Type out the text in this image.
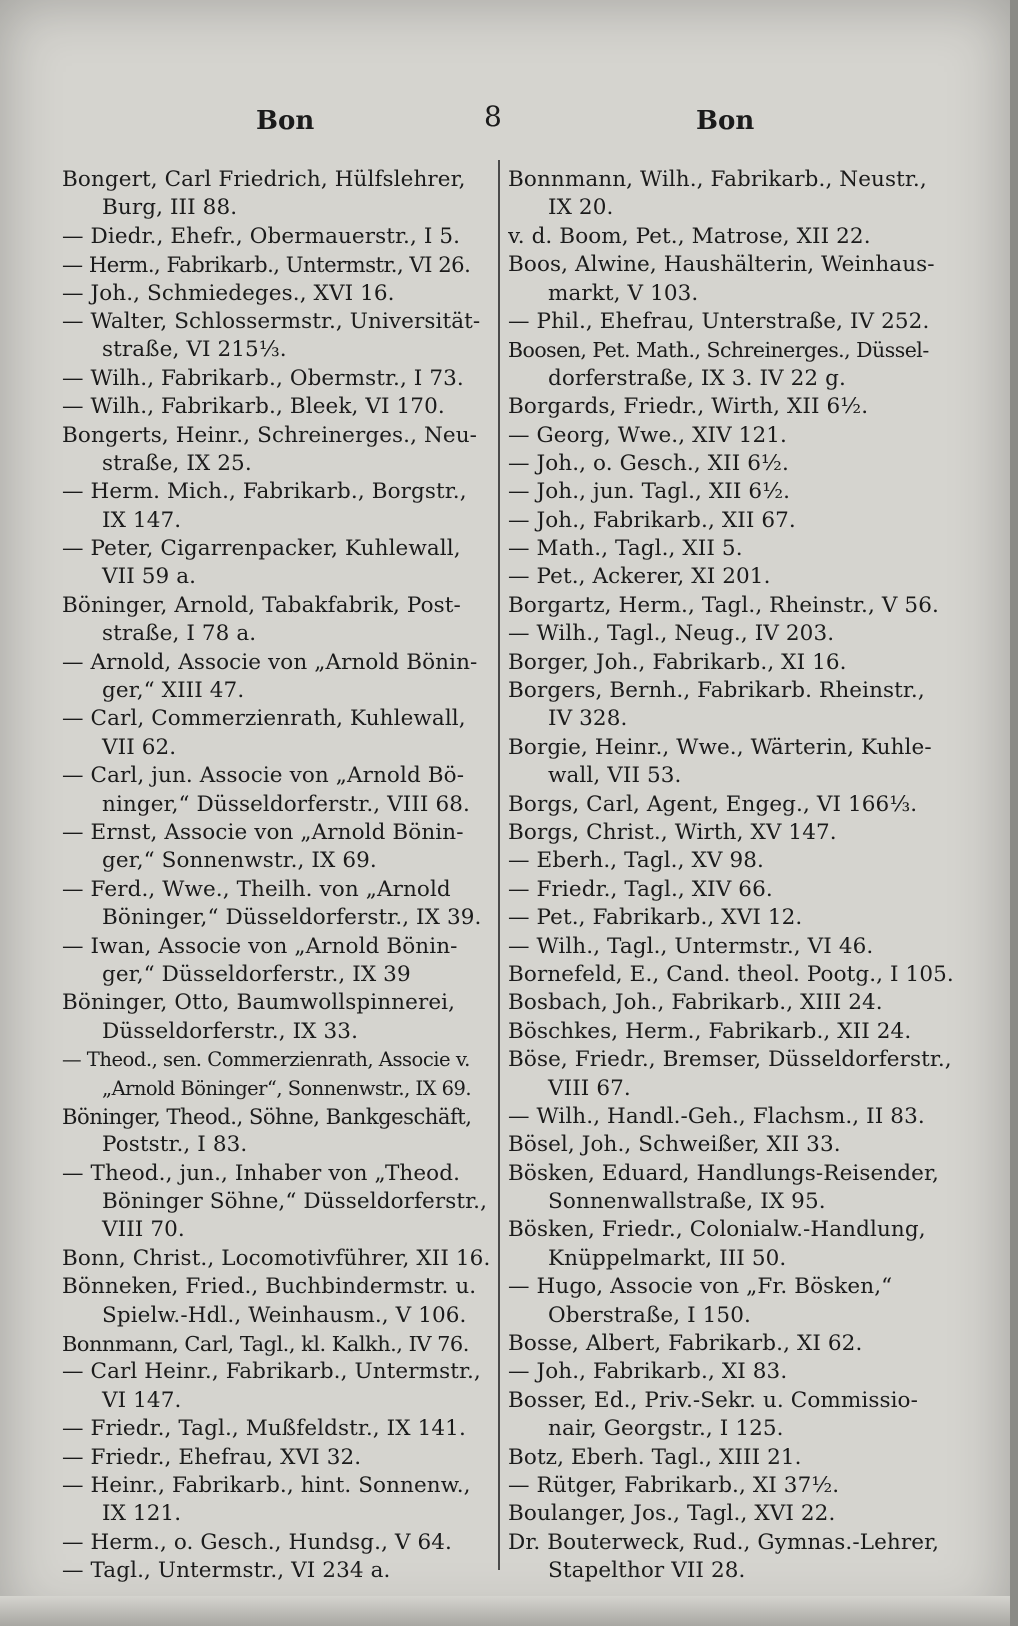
Bon	8	Bon
Bongert, Carl Friedrich, Hülfslehrer,
Burg, III 88.
— Diedr., Ehefr., Obermauerstr., I 5.
— Herm., Fabrikarb., Untermstr., VI 26.
— Joh., Schmiedeges., XVI 16.
— Walter, Schlossermstr., Universität-
straße, VI 215⅓.
— Wilh., Fabrikarb., Obermstr., I 73.
— Wilh., Fabrikarb., Bleek, VI 170.
Bongerts, Heinr., Schreinerges., Neu-
straße, IX 25.
— Herm. Mich., Fabrikarb., Borgstr.,
IX 147.
— Peter, Cigarrenpacker, Kuhlewall,
VII 59 a.
Böninger, Arnold, Tabakfabrik, Post-
straße, I 78 a.
— Arnold, Associe von „Arnold Bönin-
ger,“ XIII 47.
— Carl, Commerzienrath, Kuhlewall,
VII 62.
— Carl, jun. Associe von „Arnold Bö-
ninger,“ Düsseldorferstr., VIII 68.
— Ernst, Associe von „Arnold Bönin-
ger,“ Sonnenwstr., IX 69.
— Ferd., Wwe., Theilh. von „Arnold
Böninger,“ Düsseldorferstr., IX 39.
— Iwan, Associe von „Arnold Bönin-
ger,“ Düsseldorferstr., IX 39
Böninger, Otto, Baumwollspinnerei,
Düsseldorferstr., IX 33.
— Theod., sen. Commerzienrath, Associe v.
„Arnold Böninger“, Sonnenwstr., IX 69.
Böninger, Theod., Söhne, Bankgeschäft,
Poststr., I 83.
— Theod., jun., Inhaber von „Theod.
Böninger Söhne,“ Düsseldorferstr.,
VIII 70.
Bonn, Christ., Locomotivführer, XII 16.
Bönneken, Fried., Buchbindermstr. u.
Spielw.-Hdl., Weinhausm., V 106.
Bonnmann, Carl, Tagl., kl. Kalkh., IV 76.
— Carl Heinr., Fabrikarb., Untermstr.,
VI 147.
— Friedr., Tagl., Mußfeldstr., IX 141.
— Friedr., Ehefrau, XVI 32.
— Heinr., Fabrikarb., hint. Sonnenw.,
IX 121.
— Herm., o. Gesch., Hundsg., V 64.
— Tagl., Untermstr., VI 234 a.
Bonnmann, Wilh., Fabrikarb., Neustr.,
IX 20.
v. d. Boom, Pet., Matrose, XII 22.
Boos, Alwine, Haushälterin, Weinhaus-
markt, V 103.
— Phil., Ehefrau, Unterstraße, IV 252.
Boosen, Pet. Math., Schreinerges., Düssel-
dorferstraße, IX 3. IV 22 g.
Borgards, Friedr., Wirth, XII 6½.
— Georg, Wwe., XIV 121.
— Joh., o. Gesch., XII 6½.
— Joh., jun. Tagl., XII 6½.
— Joh., Fabrikarb., XII 67.
— Math., Tagl., XII 5.
— Pet., Ackerer, XI 201.
Borgartz, Herm., Tagl., Rheinstr., V 56.
— Wilh., Tagl., Neug., IV 203.
Borger, Joh., Fabrikarb., XI 16.
Borgers, Bernh., Fabrikarb. Rheinstr.,
IV 328.
Borgie, Heinr., Wwe., Wärterin, Kuhle-
wall, VII 53.
Borgs, Carl, Agent, Engeg., VI 166⅓.
Borgs, Christ., Wirth, XV 147.
— Eberh., Tagl., XV 98.
— Friedr., Tagl., XIV 66.
— Pet., Fabrikarb., XVI 12.
— Wilh., Tagl., Untermstr., VI 46.
Bornefeld, E., Cand. theol. Pootg., I 105.
Bosbach, Joh., Fabrikarb., XIII 24.
Böschkes, Herm., Fabrikarb., XII 24.
Böse, Friedr., Bremser, Düsseldorferstr.,
VIII 67.
— Wilh., Handl.-Geh., Flachsm., II 83.
Bösel, Joh., Schweißer, XII 33.
Bösken, Eduard, Handlungs-Reisender,
Sonnenwallstraße, IX 95.
Bösken, Friedr., Colonialw.-Handlung,
Knüppelmarkt, III 50.
— Hugo, Associe von „Fr. Bösken,“
Oberstraße, I 150.
Bosse, Albert, Fabrikarb., XI 62.
— Joh., Fabrikarb., XI 83.
Bosser, Ed., Priv.-Sekr. u. Commissio-
nair, Georgstr., I 125.
Botz, Eberh. Tagl., XIII 21.
— Rütger, Fabrikarb., XI 37½.
Boulanger, Jos., Tagl., XVI 22.
Dr. Bouterweck, Rud., Gymnas.-Lehrer,
Stapelthor VII 28.
